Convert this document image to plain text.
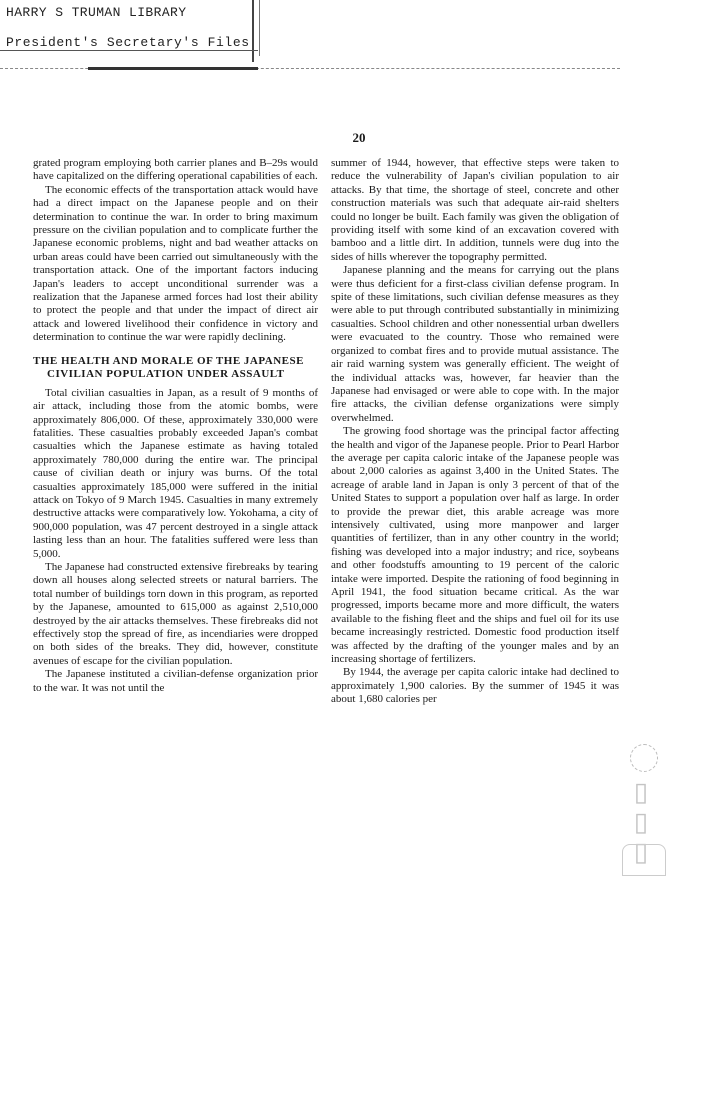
HARRY S TRUMAN LIBRARY
President's Secretary's Files
20

grated program employing both carrier planes and B–29s would have capitalized on the differing operational capabilities of each.

The economic effects of the transportation attack would have had a direct impact on the Japanese people and on their determination to continue the war. In order to bring maximum pressure on the civilian population and to complicate further the Japanese economic problems, night and bad weather attacks on urban areas could have been carried out simultaneously with the transportation attack. One of the important factors inducing Japan's leaders to accept unconditional surrender was a realization that the Japanese armed forces had lost their ability to protect the people and that under the impact of direct air attack and lowered livelihood their confidence in victory and determination to continue the war were rapidly declining.

THE HEALTH AND MORALE OF THE JAPANESE CIVILIAN POPULATION UNDER ASSAULT

Total civilian casualties in Japan, as a result of 9 months of air attack, including those from the atomic bombs, were approximately 806,000. Of these, approximately 330,000 were fatalities. These casualties probably exceeded Japan's combat casualties which the Japanese estimate as having totaled approximately 780,000 during the entire war. The principal cause of civilian death or injury was burns. Of the total casualties approximately 185,000 were suffered in the initial attack on Tokyo of 9 March 1945. Casualties in many extremely destructive attacks were comparatively low. Yokohama, a city of 900,000 population, was 47 percent destroyed in a single attack lasting less than an hour. The fatalities suffered were less than 5,000.

The Japanese had constructed extensive firebreaks by tearing down all houses along selected streets or natural barriers. The total number of buildings torn down in this program, as reported by the Japanese, amounted to 615,000 as against 2,510,000 destroyed by the air attacks themselves. These firebreaks did not effectively stop the spread of fire, as incendiaries were dropped on both sides of the breaks. They did, however, constitute avenues of escape for the civilian population.

The Japanese instituted a civilian-defense organization prior to the war. It was not until the

summer of 1944, however, that effective steps were taken to reduce the vulnerability of Japan's civilian population to air attacks. By that time, the shortage of steel, concrete and other construction materials was such that adequate air-raid shelters could no longer be built. Each family was given the obligation of providing itself with some kind of an excavation covered with bamboo and a little dirt. In addition, tunnels were dug into the sides of hills wherever the topography permitted.

Japanese planning and the means for carrying out the plans were thus deficient for a first-class civilian defense program. In spite of these limitations, such civilian defense measures as they were able to put through contributed substantially in minimizing casualties. School children and other nonessential urban dwellers were evacuated to the country. Those who remained were organized to combat fires and to provide mutual assistance. The air raid warning system was generally efficient. The weight of the individual attacks was, however, far heavier than the Japanese had envisaged or were able to cope with. In the major fire attacks, the civilian defense organizations were simply overwhelmed.

The growing food shortage was the principal factor affecting the health and vigor of the Japanese people. Prior to Pearl Harbor the average per capita caloric intake of the Japanese people was about 2,000 calories as against 3,400 in the United States. The acreage of arable land in Japan is only 3 percent of that of the United States to support a population over half as large. In order to provide the prewar diet, this arable acreage was more intensively cultivated, using more manpower and larger quantities of fertilizer, than in any other country in the world; fishing was developed into a major industry; and rice, soybeans and other foodstuffs amounting to 19 percent of the caloric intake were imported. Despite the rationing of food beginning in April 1941, the food situation became critical. As the war progressed, imports became more and more difficult, the waters available to the fishing fleet and the ships and fuel oil for its use became increasingly restricted. Domestic food production itself was affected by the drafting of the younger males and by an increasing shortage of fertilizers.

By 1944, the average per capita caloric intake had declined to approximately 1,900 calories. By the summer of 1945 it was about 1,680 calories per

▯▯▯
